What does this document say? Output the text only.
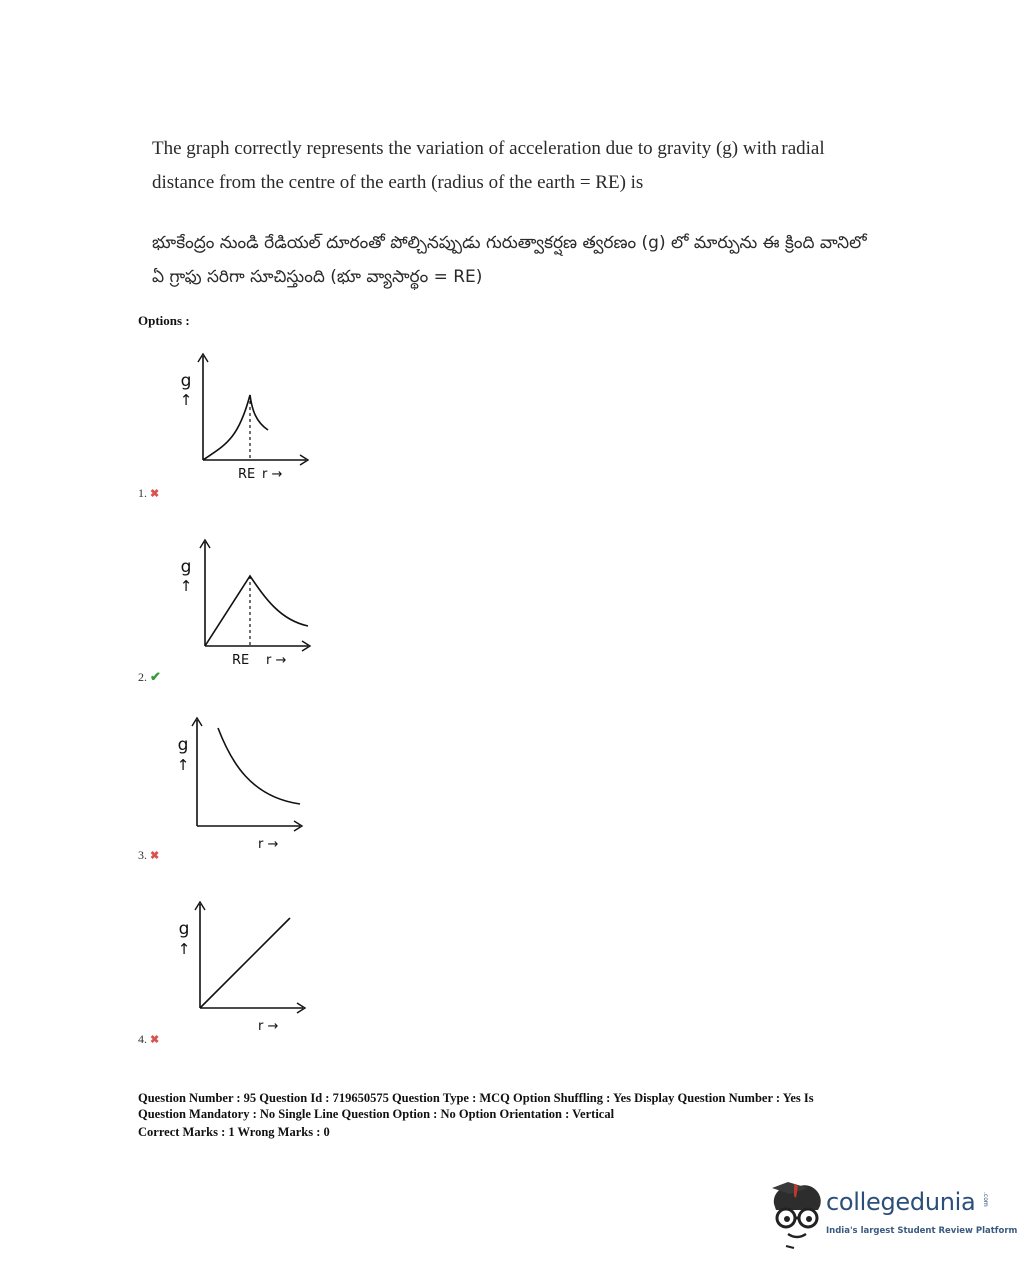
The graph correctly represents the variation of acceleration due to gravity (g) with radial distance from the centre of the earth (radius of the earth = RE) is
భూకేంద్రం నుండి రేడియల్ దూరంతో పోల్చినప్పుడు గురుత్వాకర్షణ త్వరణం (g) లో మార్పును ఈ క్రింది వానిలో ఏ గ్రాఫు సరిగా సూచిస్తుంది (భూ వ్యాసార్థం = RE)
Options :
g
↑
RE r →
1. ✖
g
↑
RE r →
2. ✔
g
↑
r →
3. ✖
g
↑
r →
4. ✖
Question Number : 95 Question Id : 719650575 Question Type : MCQ Option Shuffling : Yes Display Question Number : Yes Is
Question Mandatory : No Single Line Question Option : No Option Orientation : Vertical
Correct Marks : 1 Wrong Marks : 0
collegedunia .com
India's largest Student Review Platform
